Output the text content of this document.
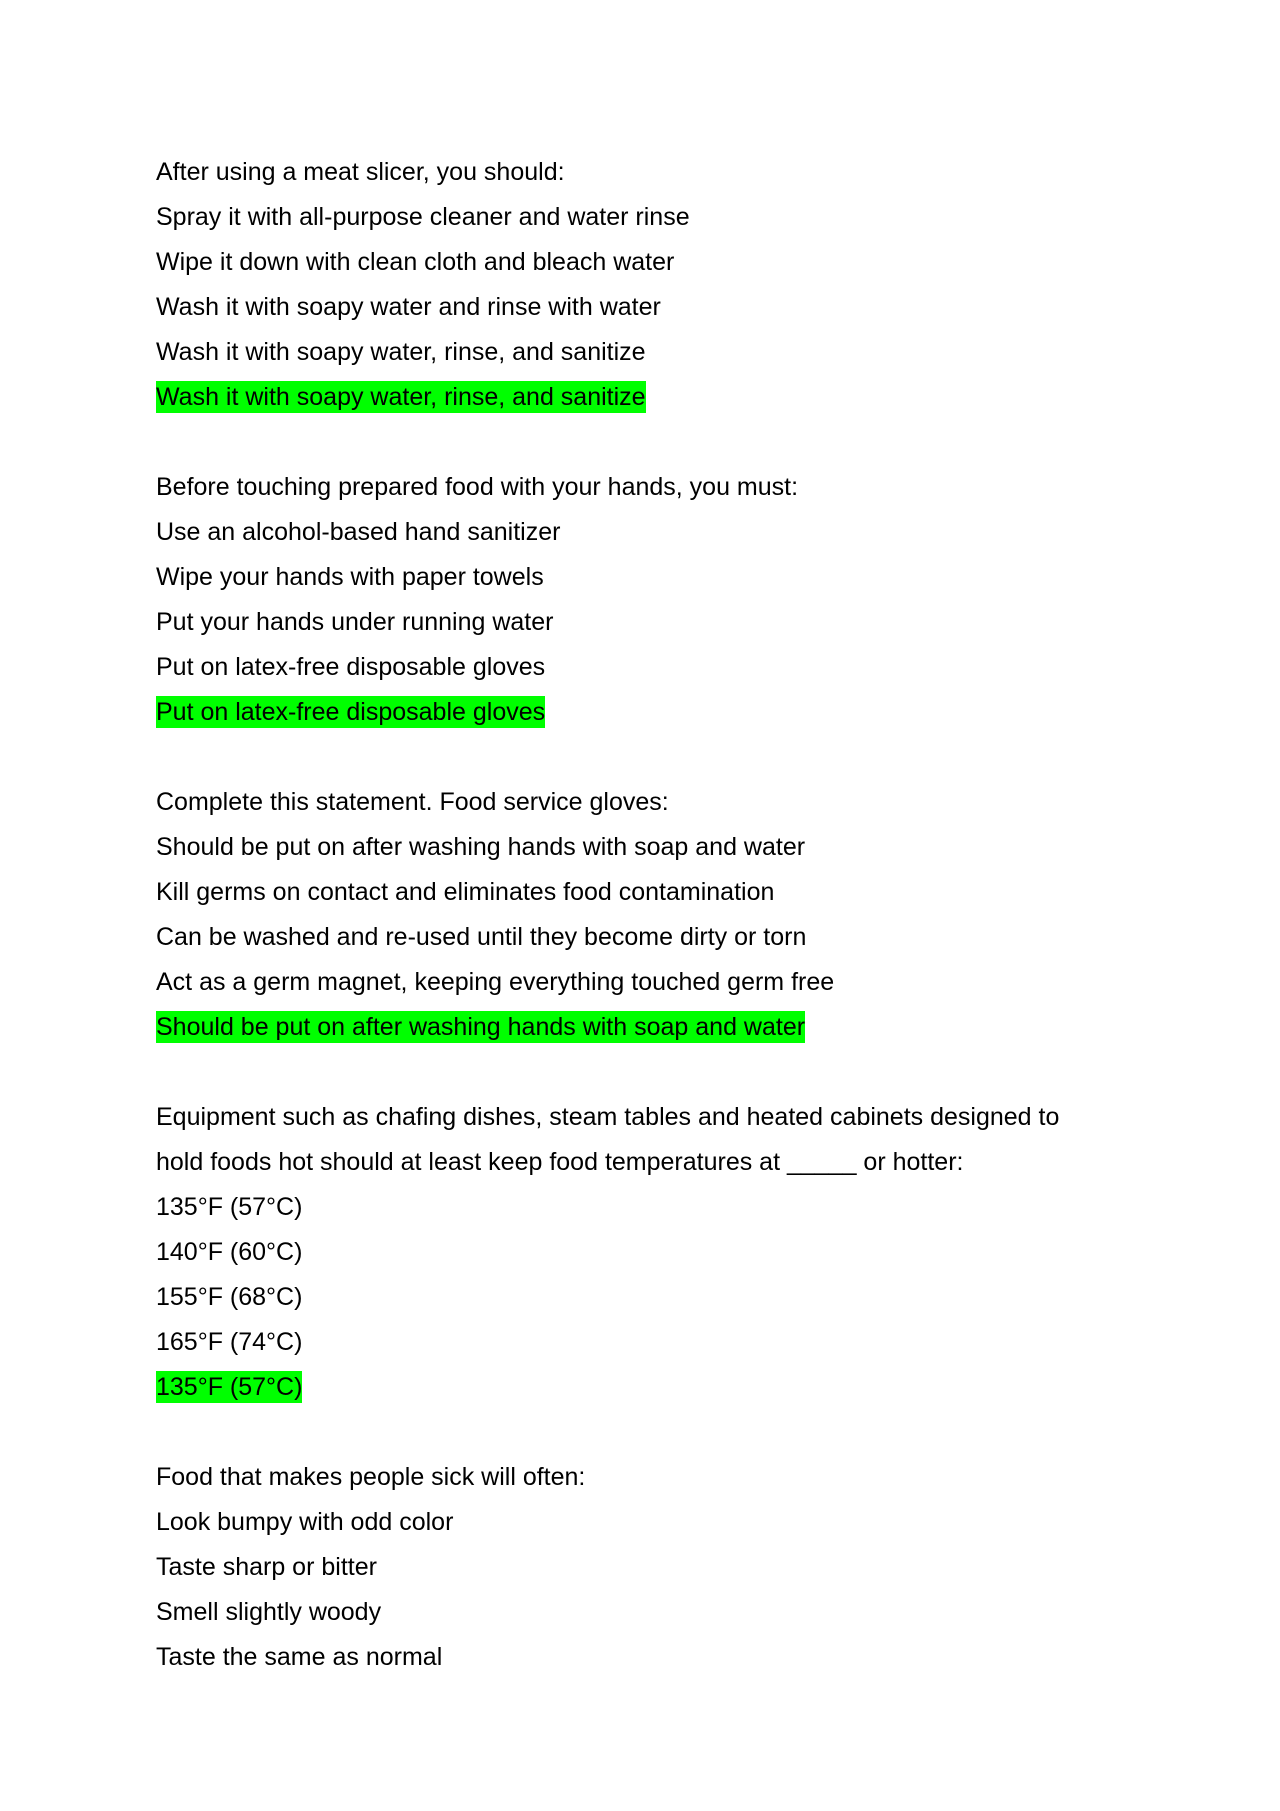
After using a meat slicer, you should:
Spray it with all-purpose cleaner and water rinse
Wipe it down with clean cloth and bleach water
Wash it with soapy water and rinse with water
Wash it with soapy water, rinse, and sanitize
Wash it with soapy water, rinse, and sanitize
Before touching prepared food with your hands, you must:
Use an alcohol-based hand sanitizer
Wipe your hands with paper towels
Put your hands under running water
Put on latex-free disposable gloves
Put on latex-free disposable gloves
Complete this statement. Food service gloves:
Should be put on after washing hands with soap and water
Kill germs on contact and eliminates food contamination
Can be washed and re-used until they become dirty or torn
Act as a germ magnet, keeping everything touched germ free
Should be put on after washing hands with soap and water
Equipment such as chafing dishes, steam tables and heated cabinets designed to
hold foods hot should at least keep food temperatures at _____ or hotter:
135°F (57°C)
140°F (60°C)
155°F (68°C)
165°F (74°C)
135°F (57°C)
Food that makes people sick will often:
Look bumpy with odd color
Taste sharp or bitter
Smell slightly woody
Taste the same as normal
